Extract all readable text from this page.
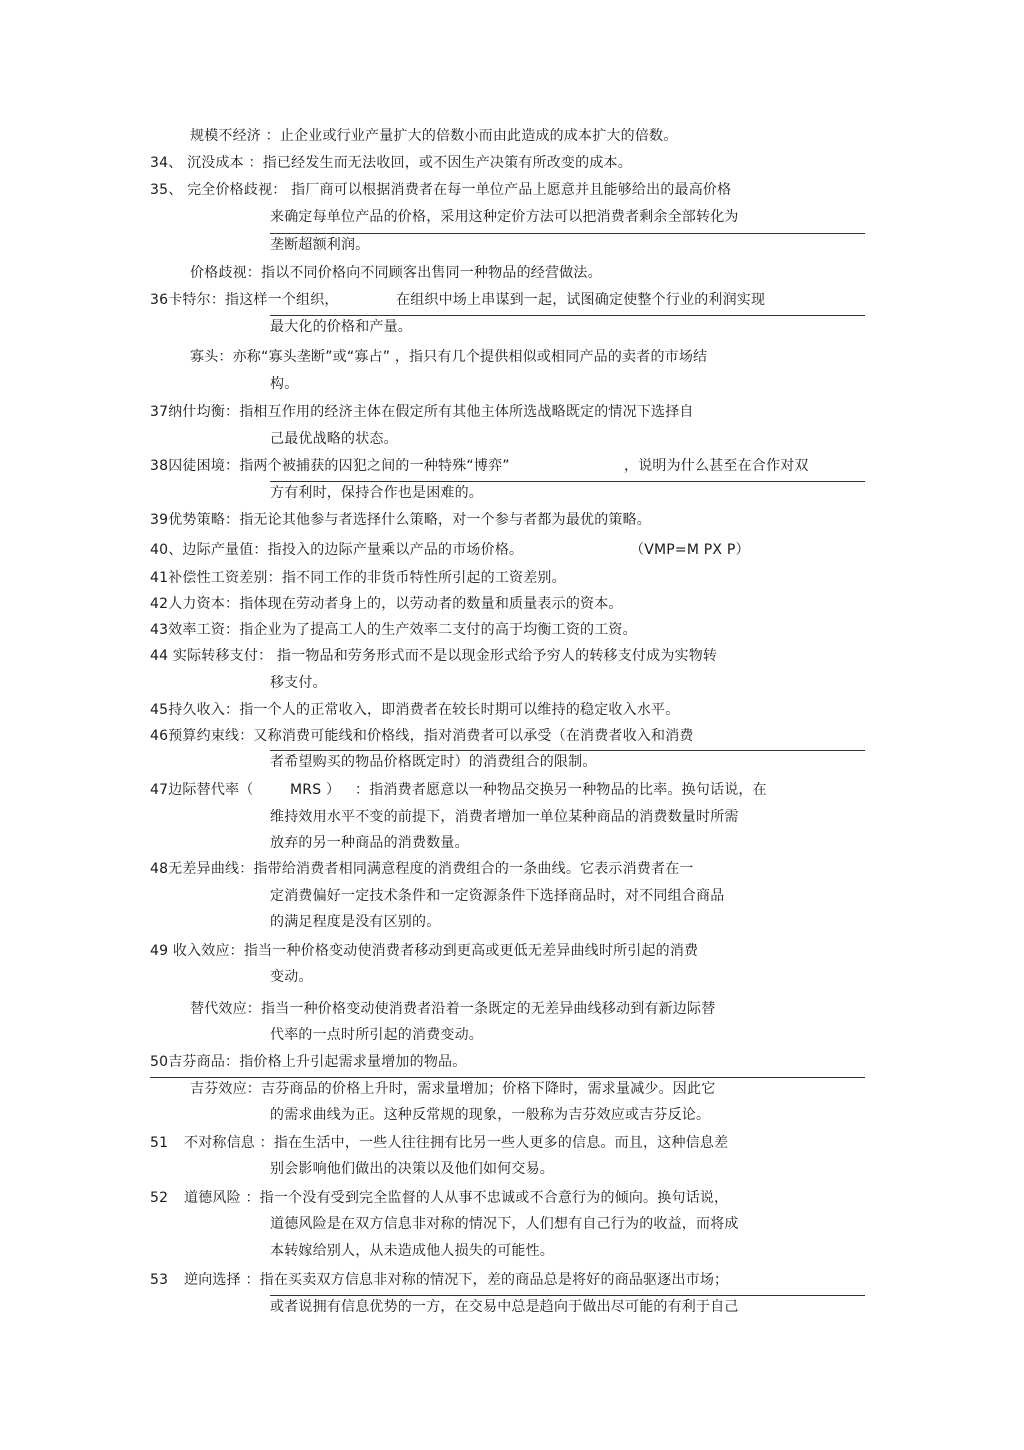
规模不经济 ：止企业或行业产量扩大的倍数小而由此造成的成本扩大的倍数。
34、 沉没成本 ：指已经发生而无法收回，或不因生产决策有所改变的成本。
35、 完全价格歧视： 指厂商可以根据消费者在每一单位产品上愿意并且能够给出的最高价格
来确定每单位产品的价格，采用这种定价方法可以把消费者剩余全部转化为
垄断超额利润。
价格歧视：指以不同价格向不同顾客出售同一种物品的经营做法。
36卡特尔：指这样一个组织，	在组织中场上串谋到一起，试图确定使整个行业的利润实现
最大化的价格和产量。
寡头：亦称“寡头垄断”或“寡占” ，指只有几个提供相似或相同产品的卖者的市场结
构。
37纳什均衡：指相互作用的经济主体在假定所有其他主体所选战略既定的情况下选择自
己最优战略的状态。
38囚徒困境：指两个被捕获的囚犯之间的一种特殊“博弈”	，说明为什么甚至在合作对双
方有利时，保持合作也是困难的。
39优势策略：指无论其他参与者选择什么策略，对一个参与者都为最优的策略。
40、边际产量值：指投入的边际产量乘以产品的市场价格。	（VMP=M PX P）
41补偿性工资差别：指不同工作的非货币特性所引起的工资差别。
42人力资本：指体现在劳动者身上的，以劳动者的数量和质量表示的资本。
43效率工资：指企业为了提高工人的生产效率二支付的高于均衡工资的工资。
44 实际转移支付： 指一物品和劳务形式而不是以现金形式给予穷人的转移支付成为实物转
移支付。
45持久收入：指一个人的正常收入，即消费者在较长时期可以维持的稳定收入水平。
46预算约束线：又称消费可能线和价格线，指对消费者可以承受（在消费者收入和消费
者希望购买的物品价格既定时）的消费组合的限制。
47边际替代率（	MRS ） ：指消费者愿意以一种物品交换另一种物品的比率。换句话说，在
维持效用水平不变的前提下，消费者增加一单位某种商品的消费数量时所需
放弃的另一种商品的消费数量。
48无差异曲线：指带给消费者相同满意程度的消费组合的一条曲线。它表示消费者在一
定消费偏好一定技术条件和一定资源条件下选择商品时，对不同组合商品
的满足程度是没有区别的。
49 收入效应：指当一种价格变动使消费者移动到更高或更低无差异曲线时所引起的消费
变动。
替代效应：指当一种价格变动使消费者沿着一条既定的无差异曲线移动到有新边际替
代率的一点时所引起的消费变动。
50吉芬商品：指价格上升引起需求量增加的物品。
吉芬效应：吉芬商品的价格上升时，需求量增加；价格下降时，需求量减少。因此它
的需求曲线为正。这种反常规的现象，一般称为吉芬效应或吉芬反论。
51 不对称信息 ：指在生活中，一些人往往拥有比另一些人更多的信息。而且，这种信息差
别会影响他们做出的决策以及他们如何交易。
52 道德风险 ：指一个没有受到完全监督的人从事不忠诚或不合意行为的倾向。换句话说，
道德风险是在双方信息非对称的情况下，人们想有自己行为的收益，而将成
本转嫁给别人，从未造成他人损失的可能性。
53 逆向选择 ：指在买卖双方信息非对称的情况下，差的商品总是将好的商品驱逐出市场；
或者说拥有信息优势的一方，在交易中总是趋向于做出尽可能的有利于自己
